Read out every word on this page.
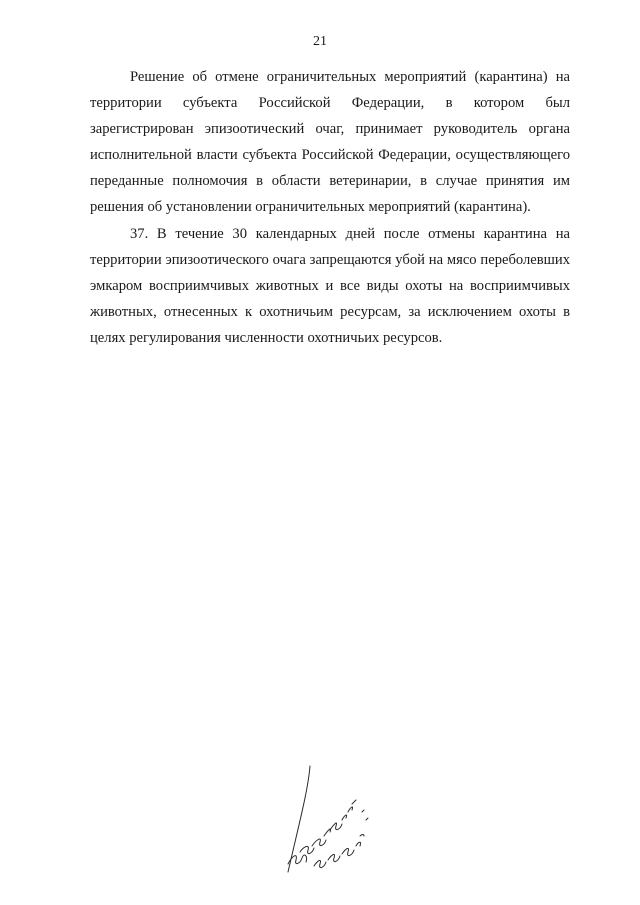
21

Решение об отмене ограничительных мероприятий (карантина) на территории субъекта Российской Федерации, в котором был зарегистрирован эпизоотический очаг, принимает руководитель органа исполнительной власти субъекта Российской Федерации, осуществляющего переданные полномочия в области ветеринарии, в случае принятия им решения об установлении ограничительных мероприятий (карантина).

37. В течение 30 календарных дней после отмены карантина на территории эпизоотического очага запрещаются убой на мясо переболевших эмкаром восприимчивых животных и все виды охоты на восприимчивых животных, отнесенных к охотничьим ресурсам, за исключением охоты в целях регулирования численности охотничьих ресурсов.
